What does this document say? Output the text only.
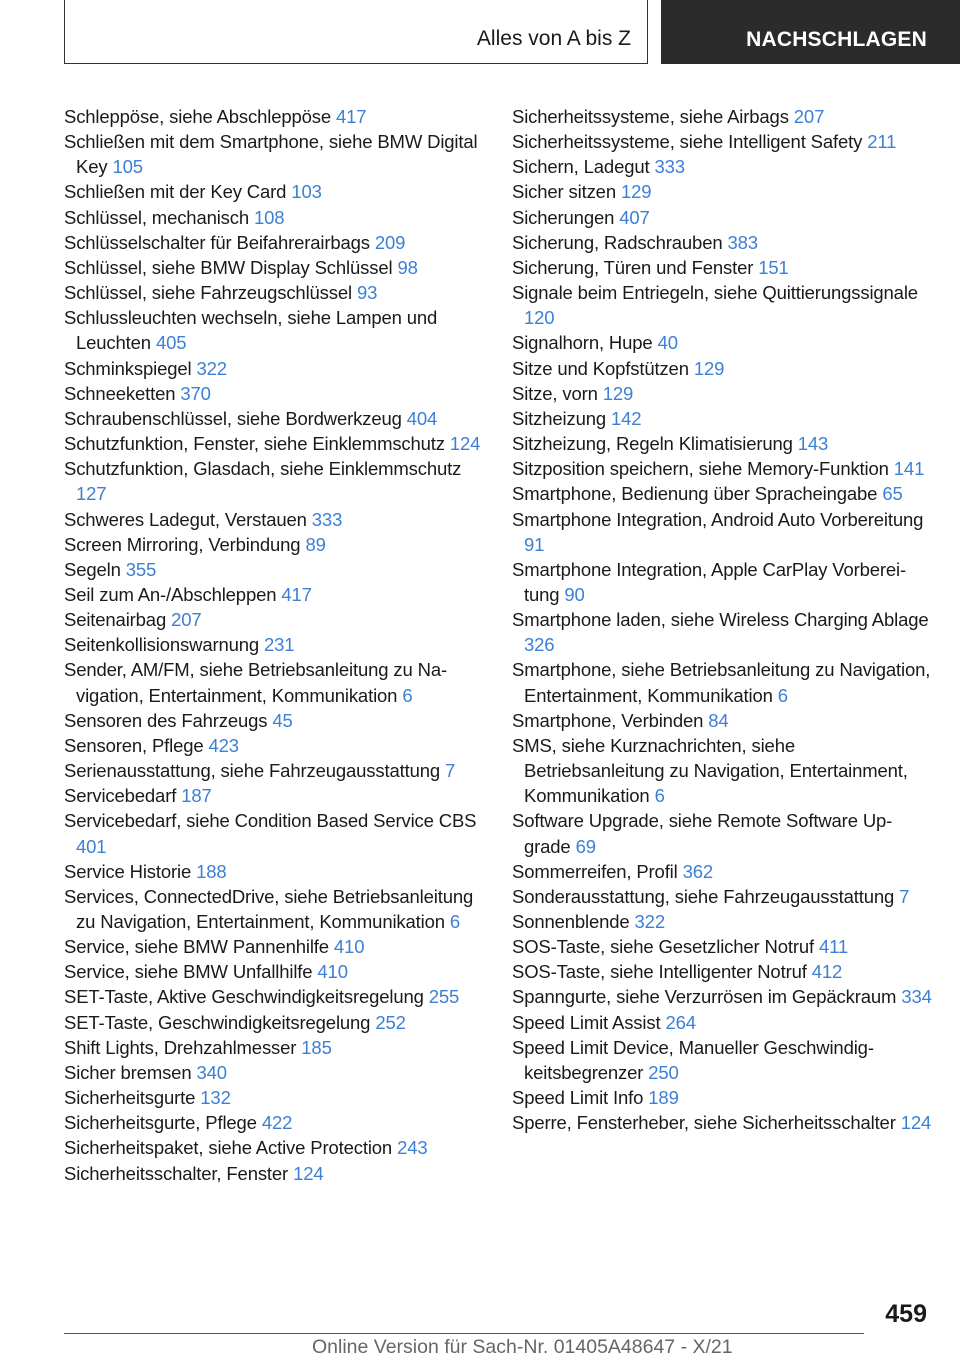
Alles von A bis Z	NACHSCHLAGEN
Schleppöse, siehe Abschleppöse 417
Schließen mit dem Smartphone, siehe BMW Digital Key 105
Schließen mit der Key Card 103
Schlüssel, mechanisch 108
Schlüsselschalter für Beifahrerairbags 209
Schlüssel, siehe BMW Display Schlüssel 98
Schlüssel, siehe Fahrzeugschlüssel 93
Schlussleuchten wechseln, siehe Lampen und Leuchten 405
Schminkspiegel 322
Schneeketten 370
Schraubenschlüssel, siehe Bordwerkzeug 404
Schutzfunktion, Fenster, siehe Einklemmschutz 124
Schutzfunktion, Glasdach, siehe Einklemmschutz 127
Schweres Ladegut, Verstauen 333
Screen Mirroring, Verbindung 89
Segeln 355
Seil zum An-/Abschleppen 417
Seitenairbag 207
Seitenkollisionswarnung 231
Sender, AM/FM, siehe Betriebsanleitung zu Navigation, Entertainment, Kommunikation 6
Sensoren des Fahrzeugs 45
Sensoren, Pflege 423
Serienausstattung, siehe Fahrzeugausstattung 7
Servicebedarf 187
Servicebedarf, siehe Condition Based Service CBS 401
Service Historie 188
Services, ConnectedDrive, siehe Betriebsanleitung zu Navigation, Entertainment, Kommunikation 6
Service, siehe BMW Pannenhilfe 410
Service, siehe BMW Unfallhilfe 410
SET-Taste, Aktive Geschwindigkeitsregelung 255
SET-Taste, Geschwindigkeitsregelung 252
Shift Lights, Drehzahlmesser 185
Sicher bremsen 340
Sicherheitsgurte 132
Sicherheitsgurte, Pflege 422
Sicherheitspaket, siehe Active Protection 243
Sicherheitsschalter, Fenster 124
Sicherheitssysteme, siehe Airbags 207
Sicherheitssysteme, siehe Intelligent Safety 211
Sichern, Ladegut 333
Sicher sitzen 129
Sicherungen 407
Sicherung, Radschrauben 383
Sicherung, Türen und Fenster 151
Signale beim Entriegeln, siehe Quittierungssignale 120
Signalhorn, Hupe 40
Sitze und Kopfstützen 129
Sitze, vorn 129
Sitzheizung 142
Sitzheizung, Regeln Klimatisierung 143
Sitzposition speichern, siehe Memory-Funktion 141
Smartphone, Bedienung über Spracheingabe 65
Smartphone Integration, Android Auto Vorbereitung 91
Smartphone Integration, Apple CarPlay Vorbereitung 90
Smartphone laden, siehe Wireless Charging Ablage 326
Smartphone, siehe Betriebsanleitung zu Navigation, Entertainment, Kommunikation 6
Smartphone, Verbinden 84
SMS, siehe Kurznachrichten, siehe Betriebsanleitung zu Navigation, Entertainment, Kommunikation 6
Software Upgrade, siehe Remote Software Upgrade 69
Sommerreifen, Profil 362
Sonderausstattung, siehe Fahrzeugausstattung 7
Sonnenblende 322
SOS-Taste, siehe Gesetzlicher Notruf 411
SOS-Taste, siehe Intelligenter Notruf 412
Spanngurte, siehe Verzurrösen im Gepäckraum 334
Speed Limit Assist 264
Speed Limit Device, Manueller Geschwindigkeitsbegrenzer 250
Speed Limit Info 189
Sperre, Fensterheber, siehe Sicherheitsschalter 124
459
Online Version für Sach-Nr. 01405A48647 - X/21
